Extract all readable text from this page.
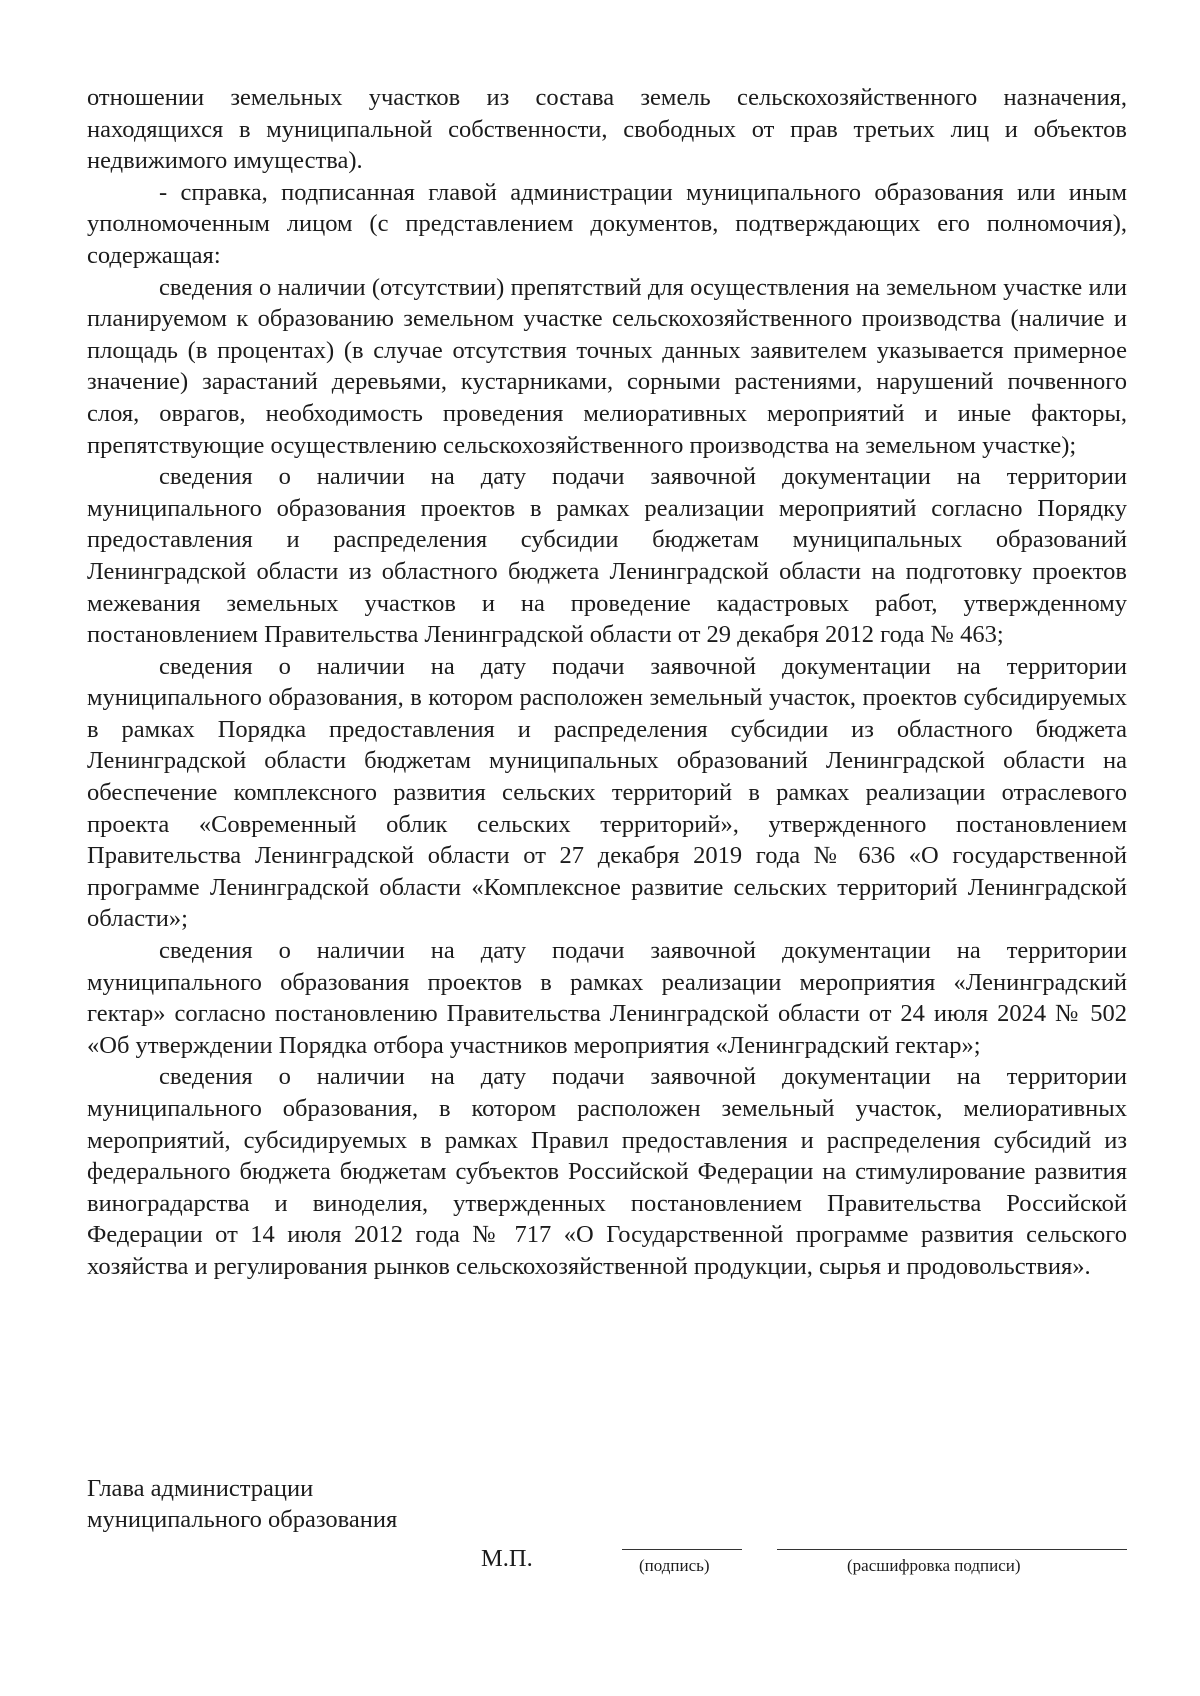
отношении земельных участков из состава земель сельскохозяйственного назначения, находящихся в муниципальной собственности, свободных от прав третьих лиц и объектов недвижимого имущества).

- справка, подписанная главой администрации муниципального образования или иным уполномоченным лицом (с представлением документов, подтверждающих его полномочия), содержащая:

сведения о наличии (отсутствии) препятствий для осуществления на земельном участке или планируемом к образованию земельном участке сельскохозяйственного производства (наличие и площадь (в процентах) (в случае отсутствия точных данных заявителем указывается примерное значение) зарастаний деревьями, кустарниками, сорными растениями, нарушений почвенного слоя, оврагов, необходимость проведения мелиоративных мероприятий и иные факторы, препятствующие осуществлению сельскохозяйственного производства на земельном участке);

сведения о наличии на дату подачи заявочной документации на территории муниципального образования проектов в рамках реализации мероприятий согласно Порядку предоставления и распределения субсидии бюджетам муниципальных образований Ленинградской области из областного бюджета Ленинградской области на подготовку проектов межевания земельных участков и на проведение кадастровых работ, утвержденному постановлением Правительства Ленинградской области от 29 декабря 2012 года № 463;

сведения о наличии на дату подачи заявочной документации на территории муниципального образования, в котором расположен земельный участок, проектов субсидируемых в рамках Порядка предоставления и распределения субсидии из областного бюджета Ленинградской области бюджетам муниципальных образований Ленинградской области на обеспечение комплексного развития сельских территорий в рамках реализации отраслевого проекта «Современный облик сельских территорий», утвержденного постановлением Правительства Ленинградской области от 27 декабря 2019 года № 636 «О государственной программе Ленинградской области «Комплексное развитие сельских территорий Ленинградской области»;

сведения о наличии на дату подачи заявочной документации на территории муниципального образования проектов в рамках реализации мероприятия «Ленинградский гектар» согласно постановлению Правительства Ленинградской области от 24 июля 2024 № 502 «Об утверждении Порядка отбора участников мероприятия «Ленинградский гектар»;

сведения о наличии на дату подачи заявочной документации на территории муниципального образования, в котором расположен земельный участок, мелиоративных мероприятий, субсидируемых в рамках Правил предоставления и распределения субсидий из федерального бюджета бюджетам субъектов Российской Федерации на стимулирование развития виноградарства и виноделия, утвержденных постановлением Правительства Российской Федерации от 14 июля 2012 года № 717 «О Государственной программе развития сельского хозяйства и регулирования рынков сельскохозяйственной продукции, сырья и продовольствия».

Глава администрации
муниципального образования
М.П.	(подпись)	(расшифровка подписи)
